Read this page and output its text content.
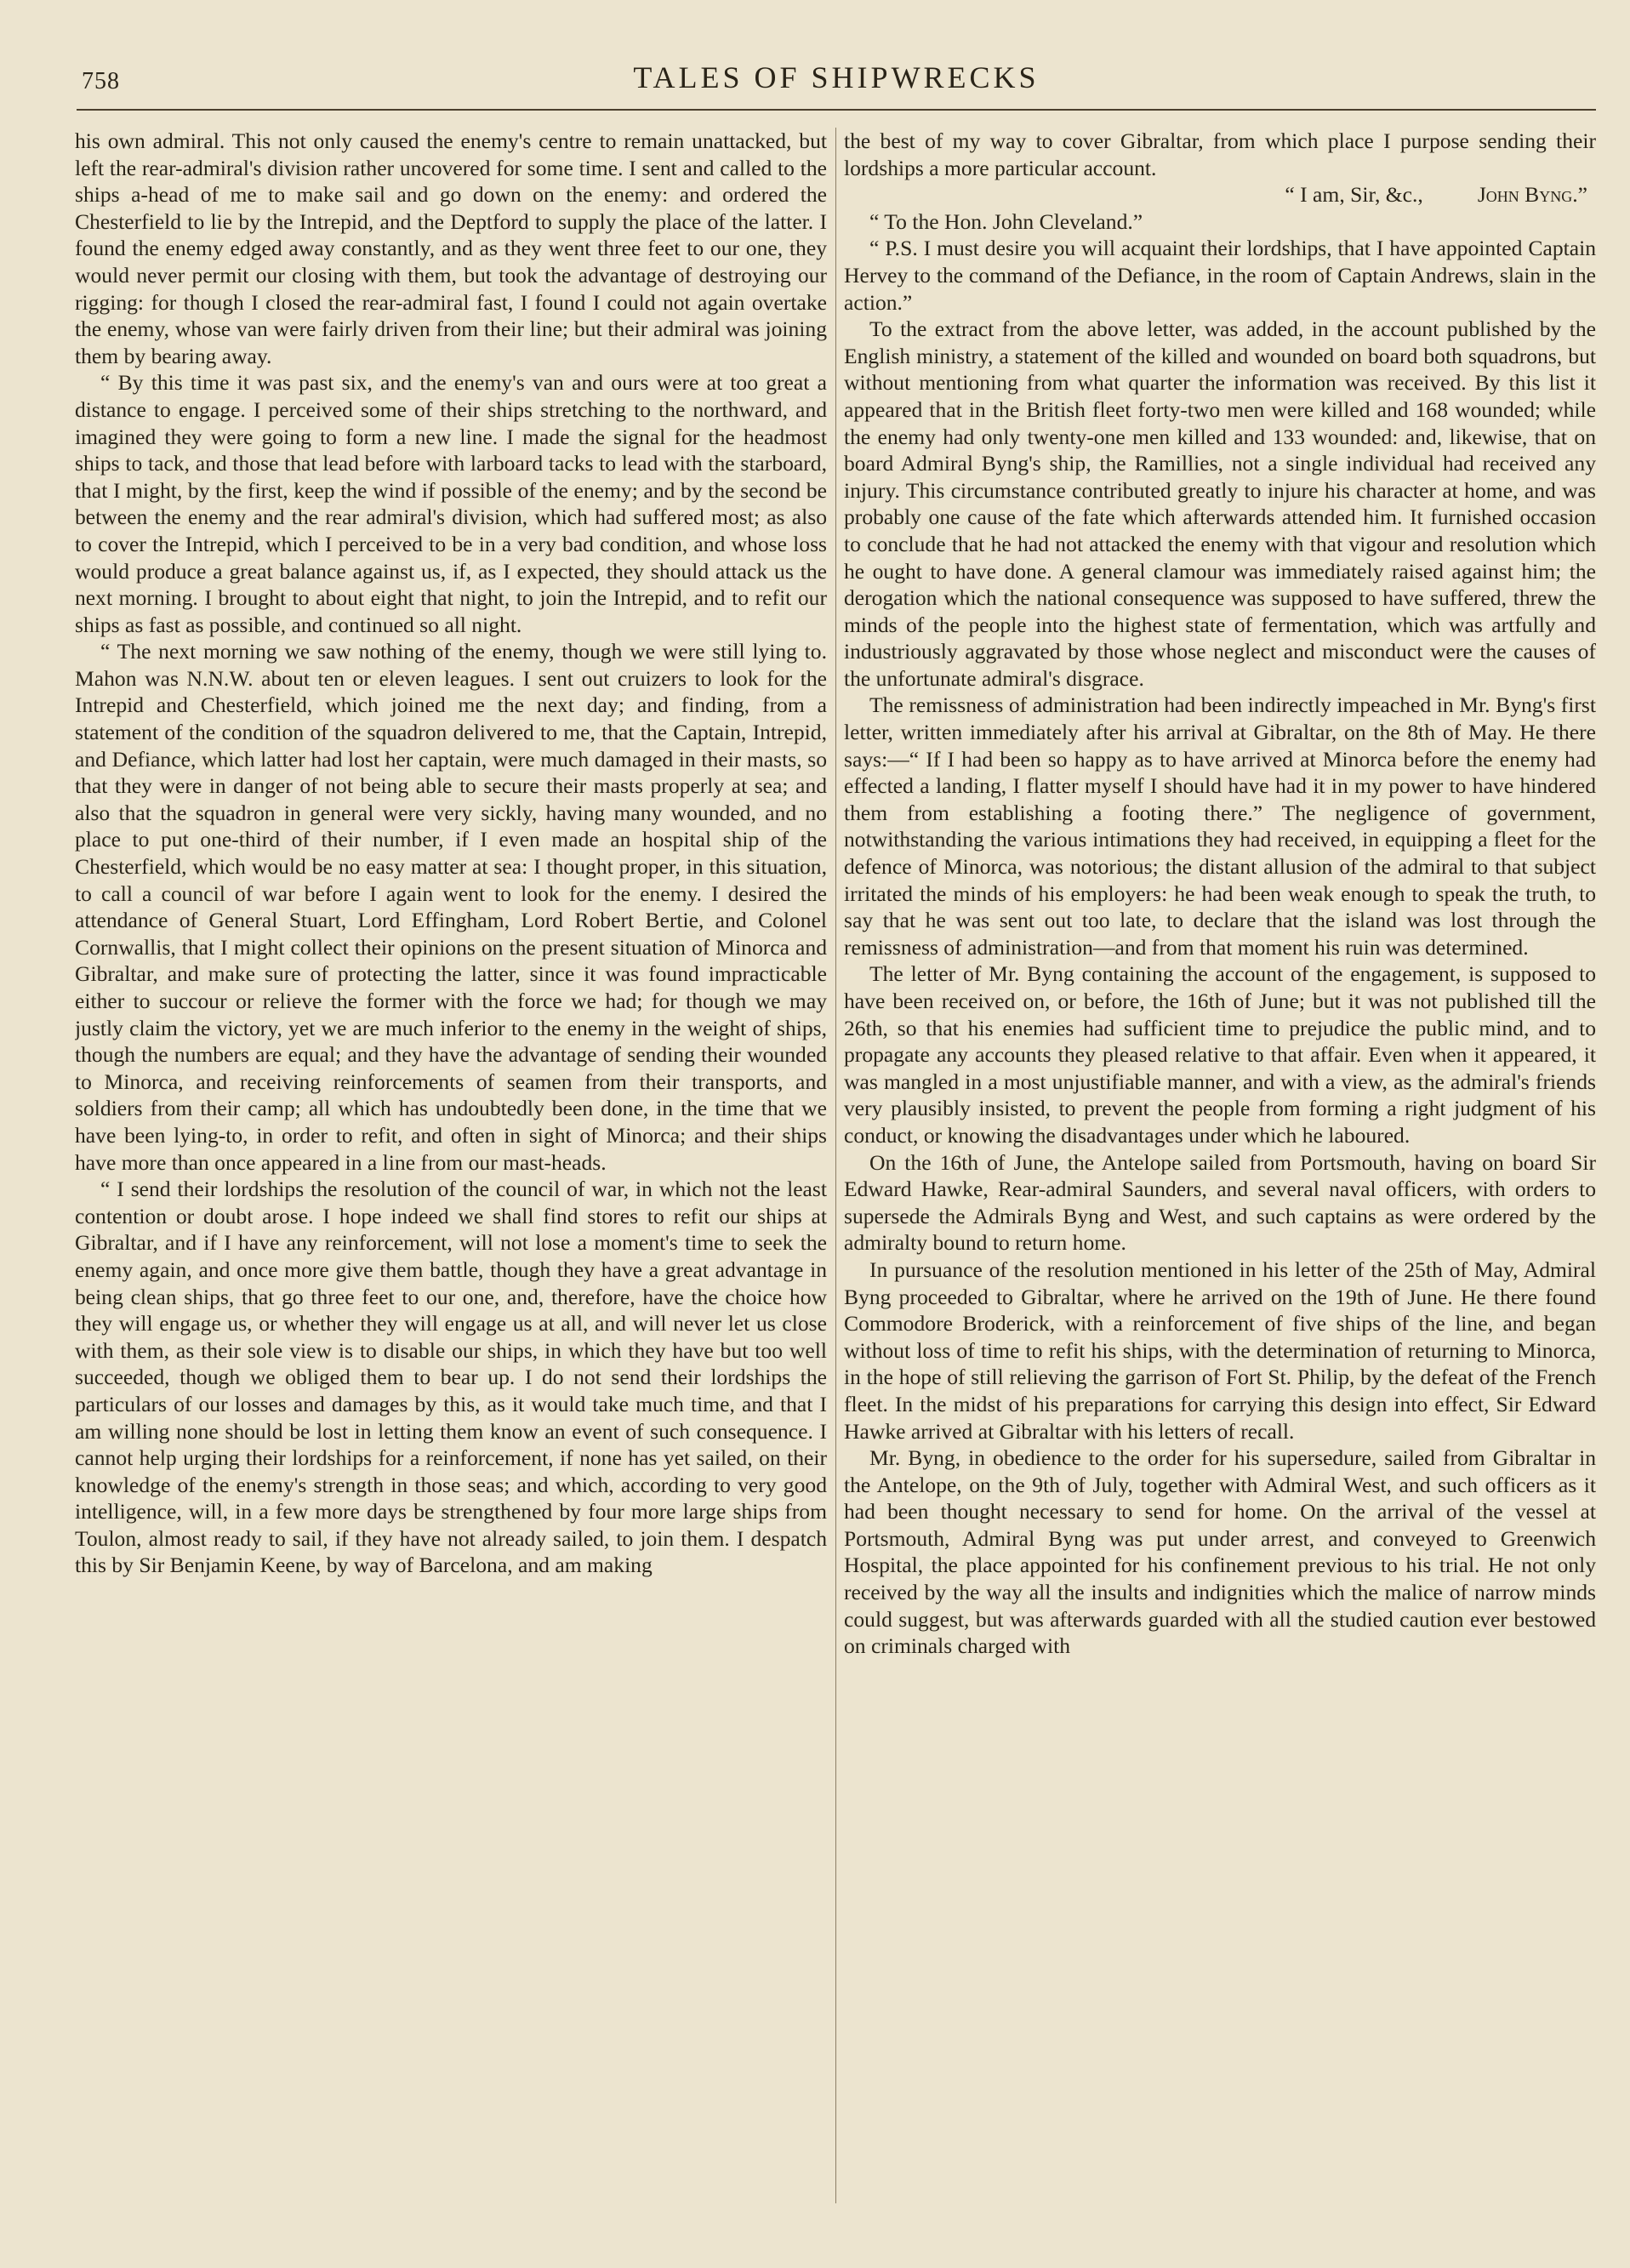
758	TALES OF SHIPWRECKS

his own admiral. This not only caused the enemy's centre to remain unattacked, but left the rear-admiral's division rather uncovered for some time. I sent and called to the ships a-head of me to make sail and go down on the enemy: and ordered the Chesterfield to lie by the Intrepid, and the Deptford to supply the place of the latter. I found the enemy edged away constantly, and as they went three feet to our one, they would never permit our closing with them, but took the advantage of destroying our rigging: for though I closed the rear-admiral fast, I found I could not again overtake the enemy, whose van were fairly driven from their line; but their admiral was joining them by bearing away.

“ By this time it was past six, and the enemy's van and ours were at too great a distance to engage. I perceived some of their ships stretching to the northward, and imagined they were going to form a new line. I made the signal for the headmost ships to tack, and those that lead before with larboard tacks to lead with the starboard, that I might, by the first, keep the wind if possible of the enemy; and by the second be between the enemy and the rear admiral's division, which had suffered most; as also to cover the Intrepid, which I perceived to be in a very bad condition, and whose loss would produce a great balance against us, if, as I expected, they should attack us the next morning. I brought to about eight that night, to join the Intrepid, and to refit our ships as fast as possible, and continued so all night.

“ The next morning we saw nothing of the enemy, though we were still lying to. Mahon was N.N.W. about ten or eleven leagues. I sent out cruizers to look for the Intrepid and Chesterfield, which joined me the next day; and finding, from a statement of the condition of the squadron delivered to me, that the Captain, Intrepid, and Defiance, which latter had lost her captain, were much damaged in their masts, so that they were in danger of not being able to secure their masts properly at sea; and also that the squadron in general were very sickly, having many wounded, and no place to put one-third of their number, if I even made an hospital ship of the Chesterfield, which would be no easy matter at sea: I thought proper, in this situation, to call a council of war before I again went to look for the enemy. I desired the attendance of General Stuart, Lord Effingham, Lord Robert Bertie, and Colonel Cornwallis, that I might collect their opinions on the present situation of Minorca and Gibraltar, and make sure of protecting the latter, since it was found impracticable either to succour or relieve the former with the force we had; for though we may justly claim the victory, yet we are much inferior to the enemy in the weight of ships, though the numbers are equal; and they have the advantage of sending their wounded to Minorca, and receiving reinforcements of seamen from their transports, and soldiers from their camp; all which has undoubtedly been done, in the time that we have been lying-to, in order to refit, and often in sight of Minorca; and their ships have more than once appeared in a line from our mast-heads.

“ I send their lordships the resolution of the council of war, in which not the least contention or doubt arose. I hope indeed we shall find stores to refit our ships at Gibraltar, and if I have any reinforcement, will not lose a moment's time to seek the enemy again, and once more give them battle, though they have a great advantage in being clean ships, that go three feet to our one, and, therefore, have the choice how they will engage us, or whether they will engage us at all, and will never let us close with them, as their sole view is to disable our ships, in which they have but too well succeeded, though we obliged them to bear up. I do not send their lordships the particulars of our losses and damages by this, as it would take much time, and that I am willing none should be lost in letting them know an event of such consequence. I cannot help urging their lordships for a reinforcement, if none has yet sailed, on their knowledge of the enemy's strength in those seas; and which, according to very good intelligence, will, in a few more days be strengthened by four more large ships from Toulon, almost ready to sail, if they have not already sailed, to join them. I despatch this by Sir Benjamin Keene, by way of Barcelona, and am making

the best of my way to cover Gibraltar, from which place I purpose sending their lordships a more particular account.

“ I am, Sir, &c., John Byng.”

“ To the Hon. John Cleveland.”

“ P.S. I must desire you will acquaint their lordships, that I have appointed Captain Hervey to the command of the Defiance, in the room of Captain Andrews, slain in the action.”

To the extract from the above letter, was added, in the account published by the English ministry, a statement of the killed and wounded on board both squadrons, but without mentioning from what quarter the information was received. By this list it appeared that in the British fleet forty-two men were killed and 168 wounded; while the enemy had only twenty-one men killed and 133 wounded: and, likewise, that on board Admiral Byng's ship, the Ramillies, not a single individual had received any injury. This circumstance contributed greatly to injure his character at home, and was probably one cause of the fate which afterwards attended him. It furnished occasion to conclude that he had not attacked the enemy with that vigour and resolution which he ought to have done. A general clamour was immediately raised against him; the derogation which the national consequence was supposed to have suffered, threw the minds of the people into the highest state of fermentation, which was artfully and industriously aggravated by those whose neglect and misconduct were the causes of the unfortunate admiral's disgrace.

The remissness of administration had been indirectly impeached in Mr. Byng's first letter, written immediately after his arrival at Gibraltar, on the 8th of May. He there says:—“ If I had been so happy as to have arrived at Minorca before the enemy had effected a landing, I flatter myself I should have had it in my power to have hindered them from establishing a footing there.” The negligence of government, notwithstanding the various intimations they had received, in equipping a fleet for the defence of Minorca, was notorious; the distant allusion of the admiral to that subject irritated the minds of his employers: he had been weak enough to speak the truth, to say that he was sent out too late, to declare that the island was lost through the remissness of administration—and from that moment his ruin was determined.

The letter of Mr. Byng containing the account of the engagement, is supposed to have been received on, or before, the 16th of June; but it was not published till the 26th, so that his enemies had sufficient time to prejudice the public mind, and to propagate any accounts they pleased relative to that affair. Even when it appeared, it was mangled in a most unjustifiable manner, and with a view, as the admiral's friends very plausibly insisted, to prevent the people from forming a right judgment of his conduct, or knowing the disadvantages under which he laboured.

On the 16th of June, the Antelope sailed from Portsmouth, having on board Sir Edward Hawke, Rear-admiral Saunders, and several naval officers, with orders to supersede the Admirals Byng and West, and such captains as were ordered by the admiralty bound to return home.

In pursuance of the resolution mentioned in his letter of the 25th of May, Admiral Byng proceeded to Gibraltar, where he arrived on the 19th of June. He there found Commodore Broderick, with a reinforcement of five ships of the line, and began without loss of time to refit his ships, with the determination of returning to Minorca, in the hope of still relieving the garrison of Fort St. Philip, by the defeat of the French fleet. In the midst of his preparations for carrying this design into effect, Sir Edward Hawke arrived at Gibraltar with his letters of recall.

Mr. Byng, in obedience to the order for his supersedure, sailed from Gibraltar in the Antelope, on the 9th of July, together with Admiral West, and such officers as it had been thought necessary to send for home. On the arrival of the vessel at Portsmouth, Admiral Byng was put under arrest, and conveyed to Greenwich Hospital, the place appointed for his confinement previous to his trial. He not only received by the way all the insults and indignities which the malice of narrow minds could suggest, but was afterwards guarded with all the studied caution ever bestowed on criminals charged with
